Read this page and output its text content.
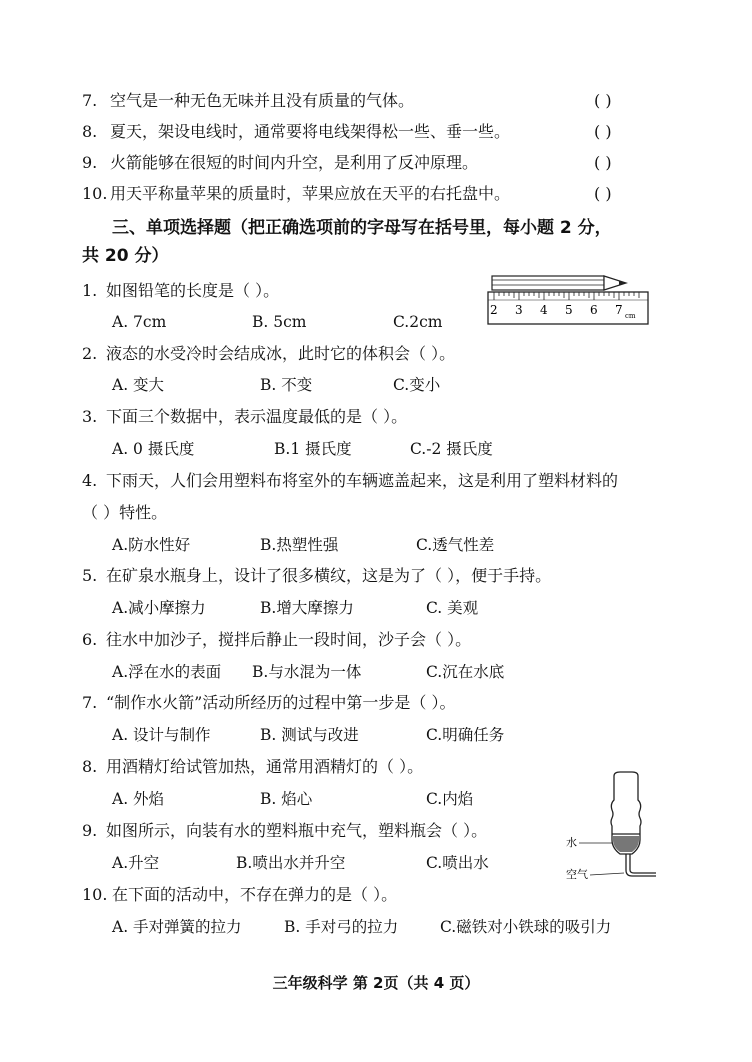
7. 空气是一种无色无味并且没有质量的气体。	( )
8. 夏天，架设电线时，通常要将电线架得松一些、垂一些。	( )
9. 火箭能够在很短的时间内升空，是利用了反冲原理。	( )
10. 用天平称量苹果的质量时，苹果应放在天平的右托盘中。	( )
三、单项选择题（把正确选项前的字母写在括号里，每小题 2 分，
共 20 分）
1. 如图铅笔的长度是（ ）。
A. 7cm	B. 5cm	C.2cm
2 3 4 5 6 7 cm
2. 液态的水受冷时会结成冰，此时它的体积会（ ）。
A. 变大	B. 不变	C.变小
3. 下面三个数据中，表示温度最低的是（ ）。
A. 0 摄氏度	B.1 摄氏度	C.-2 摄氏度
4. 下雨天，人们会用塑料布将室外的车辆遮盖起来，这是利用了塑料材料的
（ ）特性。
A.防水性好	B.热塑性强	C.透气性差
5. 在矿泉水瓶身上，设计了很多横纹，这是为了（ ），便于手持。
A.减小摩擦力	B.增大摩擦力	C. 美观
6. 往水中加沙子，搅拌后静止一段时间，沙子会（ ）。
A.浮在水的表面 B.与水混为一体	C.沉在水底
7. “制作水火箭”活动所经历的过程中第一步是（ ）。
A. 设计与制作	B. 测试与改进	C.明确任务
8. 用酒精灯给试管加热，通常用酒精灯的（ ）。
A. 外焰	B. 焰心	C.内焰
9. 如图所示，向装有水的塑料瓶中充气，塑料瓶会（ ）。
A.升空	B.喷出水并升空	C.喷出水
水
空气
10. 在下面的活动中，不存在弹力的是（ ）。
A. 手对弹簧的拉力	B. 手对弓的拉力	C.磁铁对小铁球的吸引力
三年级科学 第 2页（共 4 页）
